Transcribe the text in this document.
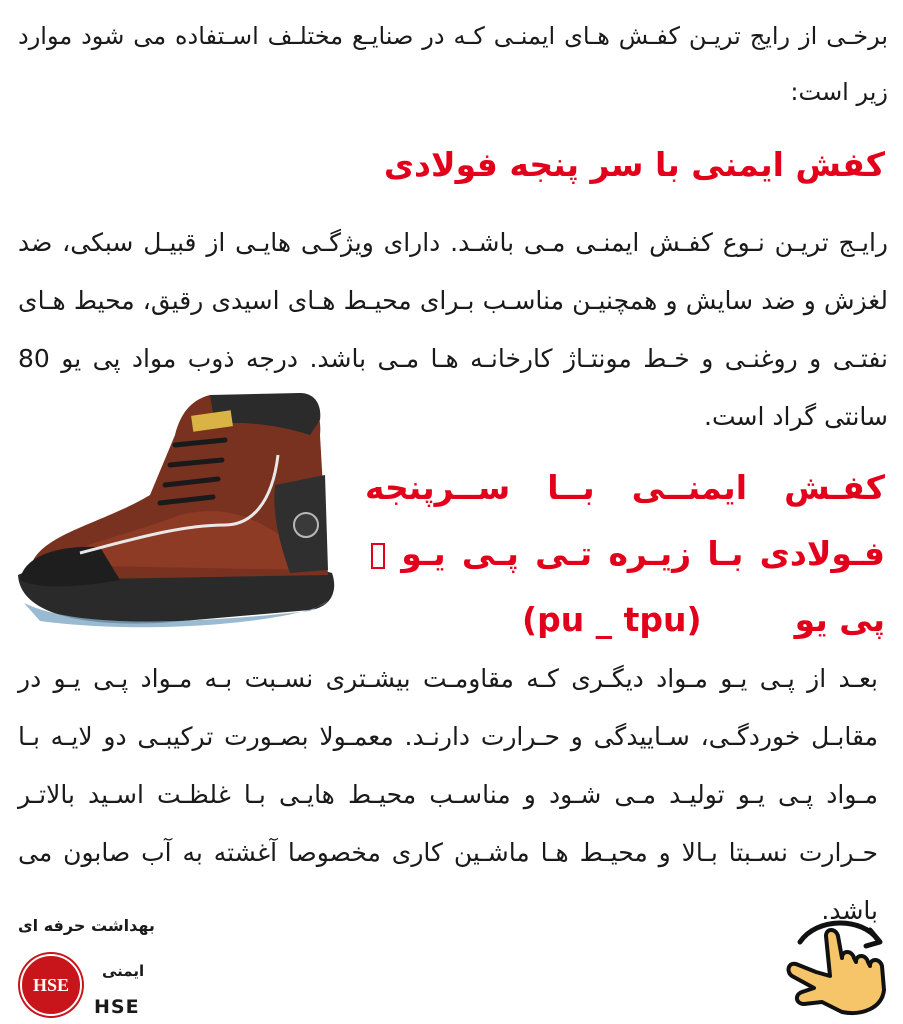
برخـی از رایج تریـن کفـش هـای ایمنـی کـه در صنایـع مختلـف اسـتفاده می شود موارد زیر است:
کفش ایمنی با سر پنجه فولادی
رایـج تریـن نـوع کفـش ایمنـی مـی باشـد. دارای ویژگـی هایـی از قبیـل سبکی، ضد لغزش و ضد سایش و همچنیـن مناسـب بـرای محیـط هـای اسیدی رقیق، محیط هـای نفتـی و روغنـی و خـط مونتـاژ کارخانـه هـا مـی باشد. درجه ذوب مواد پی یو 80 سانتی گراد است.
کفـش ایمنــی بــا ســرپنجه فـولادی بـا زیـره تـی پـی یـو  پی یو  (pu _ tpu)
بعـد از پـی یـو مـواد دیگـری کـه مقاومـت بیشـتری نسـبت بـه مـواد پـی یـو در مقابـل خوردگـی، سـاییدگی و حـرارت دارنـد. معمـولا بصـورت ترکیبـی دو لایـه بـا مـواد پـی یـو تولیـد مـی شـود و مناسـب محیـط هایـی بـا غلظـت اسـید بالاتـر حـرارت نسـبتا بـالا و محیـط هـا ماشـین کاری مخصوصا آغشته به آب صابون می باشد.
بهداشت حرفه ای
HSE
ایمنی
HSE
